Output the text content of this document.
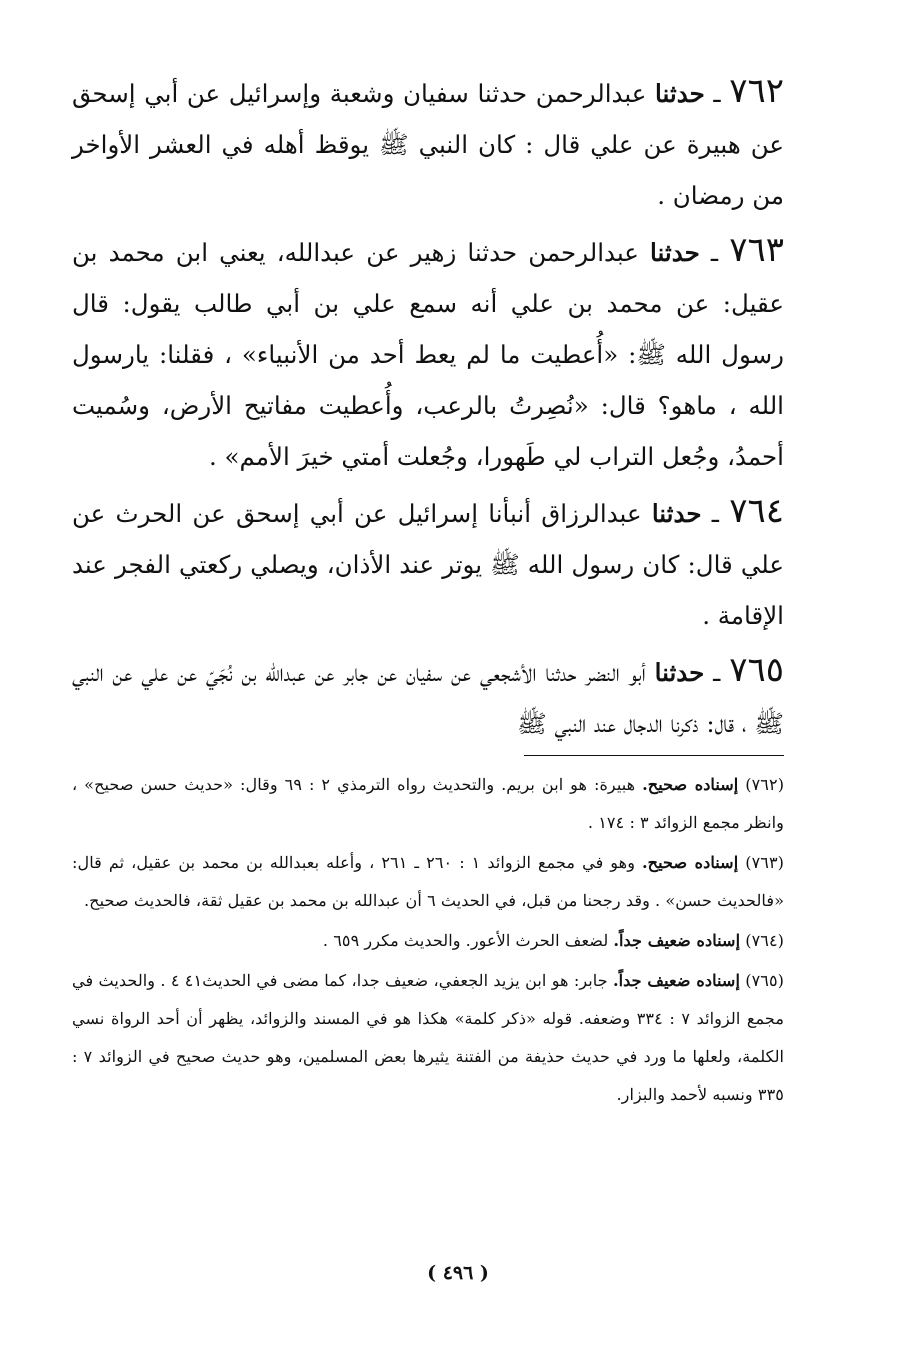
٧٦٢ ـ حدثنا عبدالرحمن حدثنا سفيان وشعبة وإسرائيل عن أبي إسحق عن هبيرة عن علي قال : كان النبي ﷺ يوقظ أهله في العشر الأواخر من رمضان .

٧٦٣ ـ حدثنا عبدالرحمن حدثنا زهير عن عبدالله، يعني ابن محمد بن عقيل: عن محمد بن علي أنه سمع علي بن أبي طالب يقول: قال رسول الله ﷺ: «أُعطيت ما لم يعط أحد من الأنبياء» ، فقلنا: يارسول الله ، ماهو؟ قال: «نُصِرتُ بالرعب، وأُعطيت مفاتيح الأرض، وسُميت أحمدُ، وجُعل التراب لي طَهورا، وجُعلت أمتي خيرَ الأمم» .

٧٦٤ ـ حدثنا عبدالرزاق أنبأنا إسرائيل عن أبي إسحق عن الحرث عن علي قال: كان رسول الله ﷺ يوتر عند الأذان، ويصلي ركعتي الفجر عند الإقامة .

٧٦٥ ـ حدثنا أبو النضر حدثنا الأشجعي عن سفيان عن جابر عن عبدالله بن نُجَيّ عن علي عن النبي ﷺ ، قال: ذكرنا الدجال عند النبي ﷺ

(٧٦٢) إسناده صحيح. هبيرة: هو ابن بريم. والتحديث رواه الترمذي ٢ : ٦٩ وقال: «حديث حسن صحيح» ، وانظر مجمع الزوائد ٣ : ١٧٤ .

(٧٦٣) إسناده صحيح. وهو في مجمع الزوائد ١ : ٢٦٠ ـ ٢٦١ ، وأعله بعبدالله بن محمد بن عقيل، ثم قال: «فالحديث حسن» . وقد رجحنا من قبل، في الحديث ٦ أن عبدالله بن محمد بن عقيل ثقة، فالحديث صحيح.

(٧٦٤) إسناده ضعيف جداً. لضعف الحرث الأعور. والحديث مكرر ٦٥٩ .

(٧٦٥) إسناده ضعيف جداً. جابر: هو ابن يزيد الجعفي، ضعيف جدا، كما مضى في الحديث٤١ ٤ . والحديث في مجمع الزوائد ٧ : ٣٣٤ وضعفه. قوله «ذكر كلمة» هكذا هو في المسند والزوائد، يظهر أن أحد الرواة نسي الكلمة، ولعلها ما ورد في حديث حذيفة من الفتنة يثيرها بعض المسلمين، وهو حديث صحيح في الزوائد ٧ : ٣٣٥ ونسبه لأحمد والبزار.

( ٤٩٦ )
